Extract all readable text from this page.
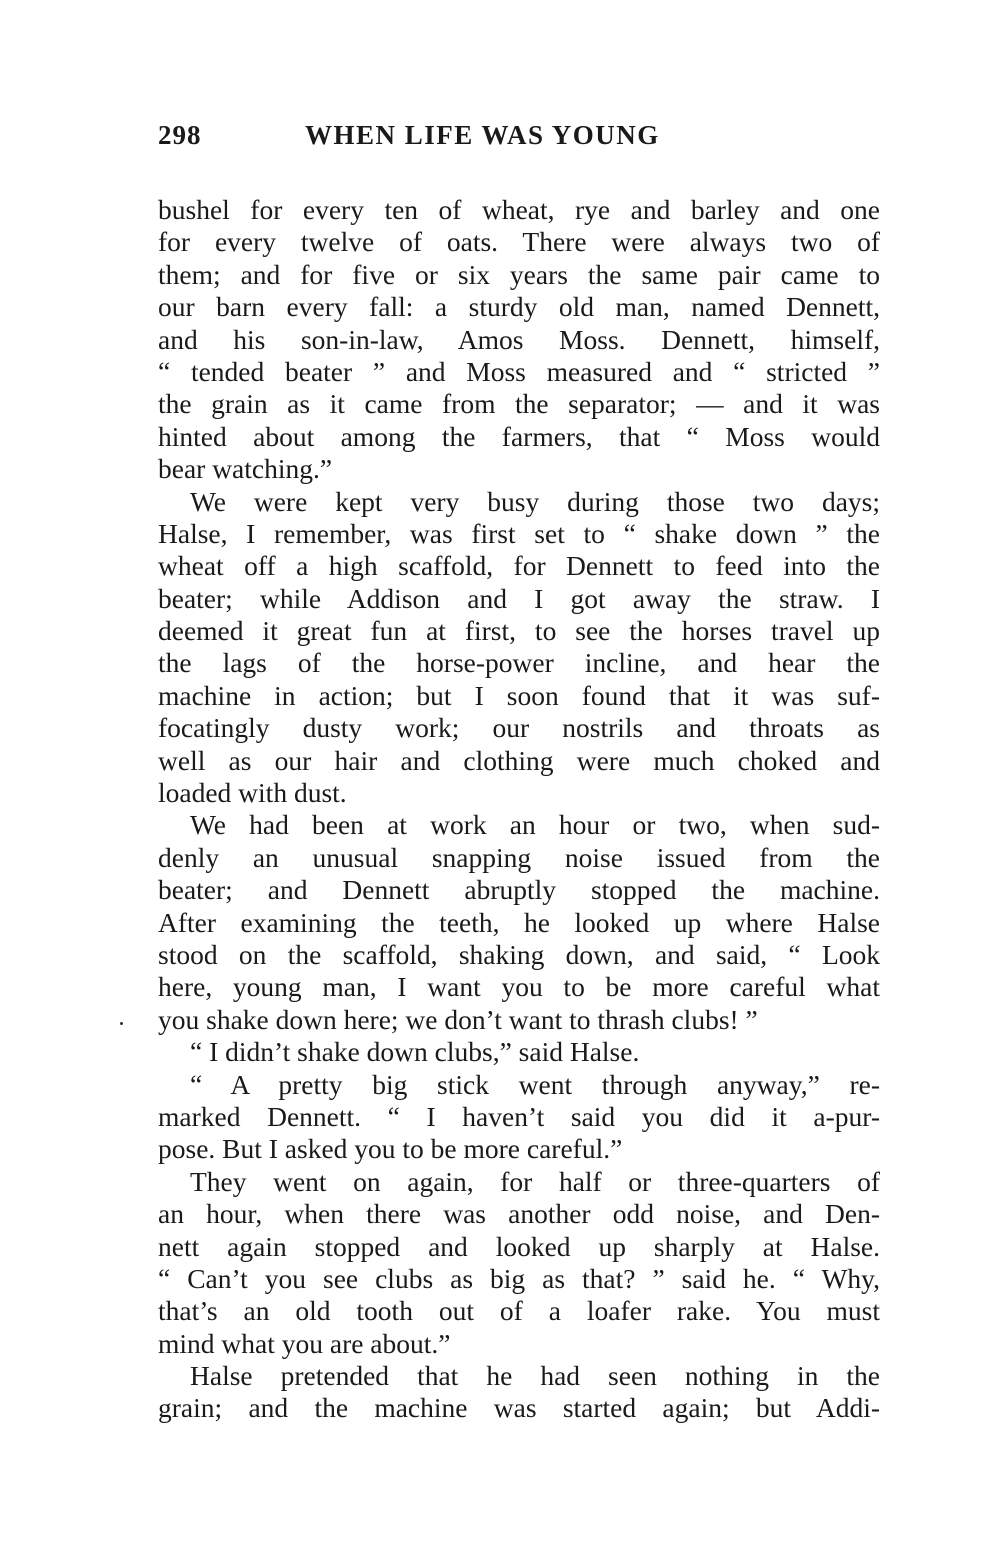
298	WHEN LIFE WAS YOUNG
bushel for every ten of wheat, rye and barley and one
for every twelve of oats. There were always two of
them; and for five or six years the same pair came to
our barn every fall: a sturdy old man, named Dennett,
and his son-in-law, Amos Moss. Dennett, himself,
“ tended beater ” and Moss measured and “ stricted ”
the grain as it came from the separator; — and it was
hinted about among the farmers, that “ Moss would
bear watching.”
We were kept very busy during those two days;
Halse, I remember, was first set to “ shake down ” the
wheat off a high scaffold, for Dennett to feed into the
beater; while Addison and I got away the straw. I
deemed it great fun at first, to see the horses travel up
the lags of the horse-power incline, and hear the
machine in action; but I soon found that it was suf-
focatingly dusty work; our nostrils and throats as
well as our hair and clothing were much choked and
loaded with dust.
We had been at work an hour or two, when sud-
denly an unusual snapping noise issued from the
beater; and Dennett abruptly stopped the machine.
After examining the teeth, he looked up where Halse
stood on the scaffold, shaking down, and said, “ Look
here, young man, I want you to be more careful what
you shake down here; we don’t want to thrash clubs! ”
“ I didn’t shake down clubs,” said Halse.
“ A pretty big stick went through anyway,” re-
marked Dennett. “ I haven’t said you did it a-pur-
pose. But I asked you to be more careful.”
They went on again, for half or three-quarters of
an hour, when there was another odd noise, and Den-
nett again stopped and looked up sharply at Halse.
“ Can’t you see clubs as big as that? ” said he. “ Why,
that’s an old tooth out of a loafer rake. You must
mind what you are about.”
Halse pretended that he had seen nothing in the
grain; and the machine was started again; but Addi-
